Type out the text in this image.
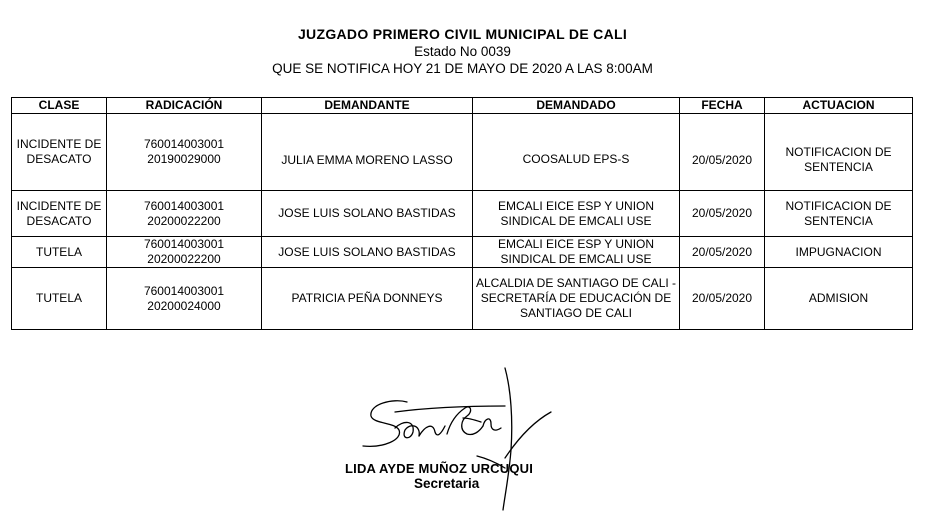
JUZGADO PRIMERO CIVIL MUNICIPAL DE CALI
Estado No 0039
QUE SE NOTIFICA HOY 21 DE MAYO DE 2020 A LAS 8:00AM
CLASE	RADICACIÓN	DEMANDANTE	DEMANDADO	FECHA	ACTUACION
INCIDENTE DE DESACATO	760014003001 20190029000	JULIA EMMA MORENO LASSO	COOSALUD EPS-S	20/05/2020	NOTIFICACION DE SENTENCIA
INCIDENTE DE DESACATO	760014003001 20200022200	JOSE LUIS SOLANO BASTIDAS	EMCALI EICE ESP Y UNION SINDICAL DE EMCALI USE	20/05/2020	NOTIFICACION DE SENTENCIA
TUTELA	760014003001 20200022200	JOSE LUIS SOLANO BASTIDAS	EMCALI EICE ESP Y UNION SINDICAL DE EMCALI USE	20/05/2020	IMPUGNACION
TUTELA	760014003001 20200024000	PATRICIA PEÑA DONNEYS	ALCALDIA DE SANTIAGO DE CALI - SECRETARÍA DE EDUCACIÓN DE SANTIAGO DE CALI	20/05/2020	ADMISION
LIDA AYDE MUÑOZ URCUQUI
Secretaria
